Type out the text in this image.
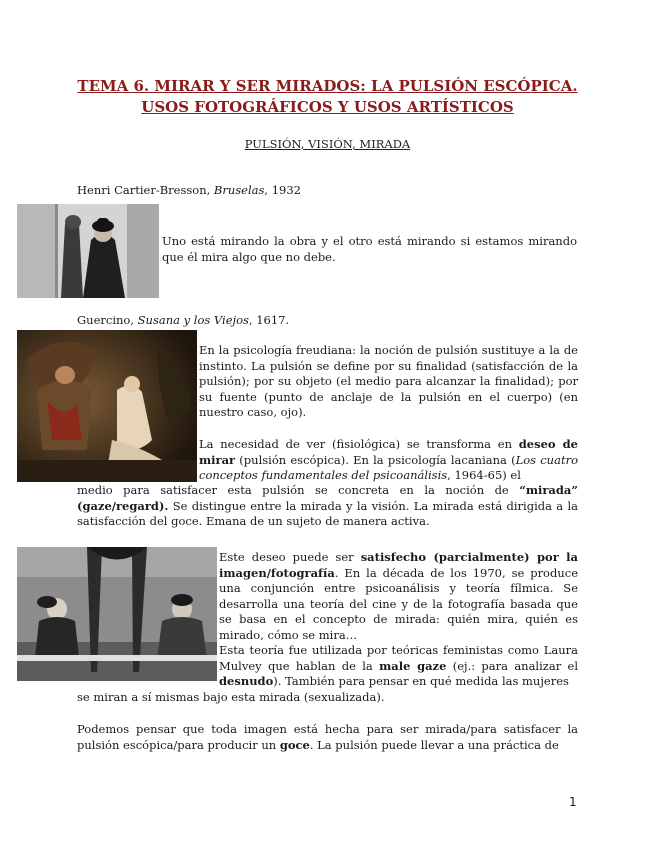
TEMA 6. MIRAR Y SER MIRADOS: LA PULSIÓN ESCÓPICA.

USOS FOTOGRÁFICOS Y USOS ARTÍSTICOS

PULSIÓN, VISIÓN, MIRADA
Henri Cartier-Bresson, Bruselas, 1932

Uno está mirando la obra y el otro está mirando si estamos mirando que él mira algo que no debe.

Guercino, Susana y los Viejos, 1617.

En la psicología freudiana: la noción de pulsión sustituye a la de instinto. La pulsión se define por su finalidad (satisfacción de la pulsión); por su objeto (el medio para alcanzar la finalidad); por su fuente (punto de anclaje de la pulsión en el cuerpo) (en nuestro caso, ojo).

La necesidad de ver (fisiológica) se transforma en deseo de mirar (pulsión escópica). En la psicología lacaniana (Los cuatro conceptos fundamentales del psicoanálisis, 1964-65) el

medio para satisfacer esta pulsión se concreta en la noción de “mirada” (gaze/regard). Se distingue entre la mirada y la visión. La mirada está dirigida a la satisfacción del goce. Emana de un sujeto de manera activa.

Este deseo puede ser satisfecho (parcialmente) por la imagen/fotografía. En la década de los 1970, se produce una conjunción entre psicoanálisis y teoría fílmica. Se desarrolla una teoría del cine y de la fotografía basada que se basa en el concepto de mirada: quién mira, quién es mirado, cómo se mira…

Esta teoría fue utilizada por teóricas feministas como Laura Mulvey que hablan de la male gaze (ej.: para analizar el desnudo). También para pensar en qué medida las mujeres

se miran a sí mismas bajo esta mirada (sexualizada).

Podemos pensar que toda imagen está hecha para ser mirada/para satisfacer la pulsión escópica/para producir un goce. La pulsión puede llevar a una práctica de

1
